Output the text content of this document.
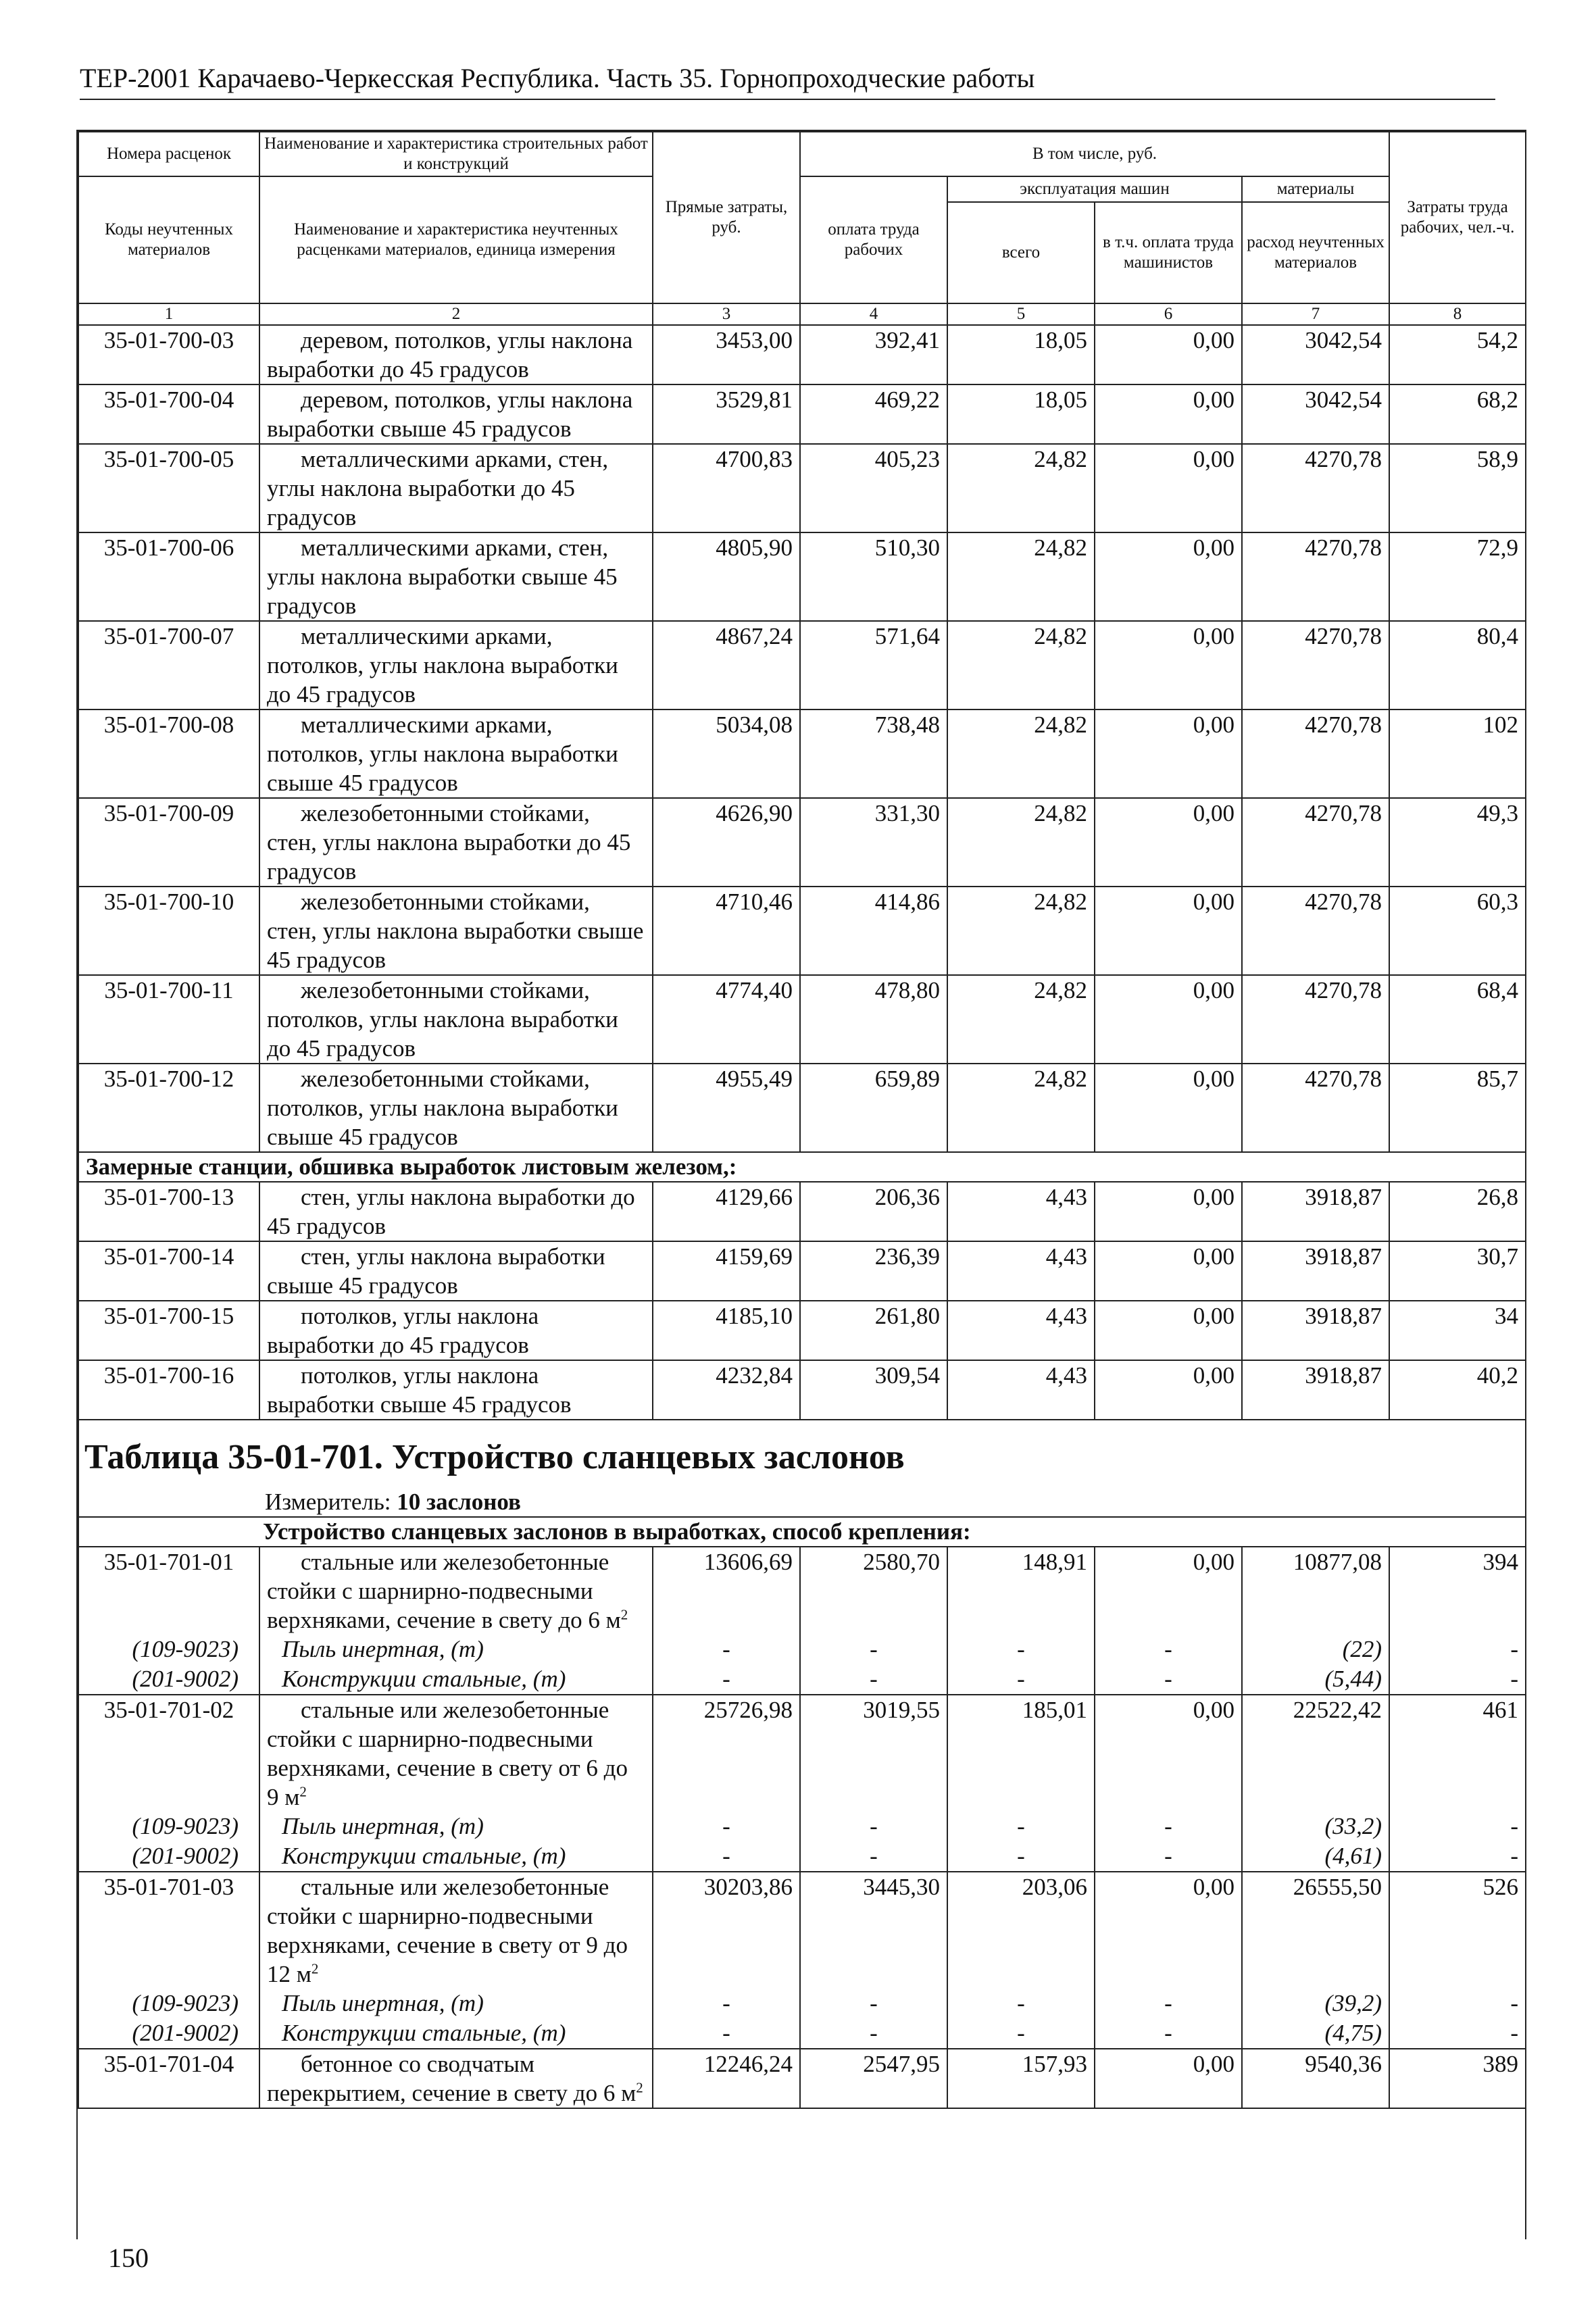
ТЕР-2001 Карачаево-Черкесская Республика. Часть 35. Горнопроходческие работы
Номера расценок	Наименование и характеристика строительных работ и конструкций	Прямые затраты, руб.	В том числе, руб.				Затраты труда рабочих, чел.-ч.
Коды неучтенных материалов	Наименование и характеристика неучтенных расценками материалов, единица измерения		оплата труда рабочих	эксплуатация машин		материалы	
				всего	в т.ч. оплата труда машинистов	расход неучтенных материалов	
1	2	3	4	5	6	7	8
35-01-700-03	деревом, потолков, углы наклона выработки до 45 градусов	3453,00	392,41	18,05	0,00	3042,54	54,2
35-01-700-04	деревом, потолков, углы наклона выработки свыше 45 градусов	3529,81	469,22	18,05	0,00	3042,54	68,2
35-01-700-05	металлическими арками, стен, углы наклона выработки до 45 градусов	4700,83	405,23	24,82	0,00	4270,78	58,9
35-01-700-06	металлическими арками, стен, углы наклона выработки свыше 45 градусов	4805,90	510,30	24,82	0,00	4270,78	72,9
35-01-700-07	металлическими арками, потолков, углы наклона выработки до 45 градусов	4867,24	571,64	24,82	0,00	4270,78	80,4
35-01-700-08	металлическими арками, потолков, углы наклона выработки свыше 45 градусов	5034,08	738,48	24,82	0,00	4270,78	102
35-01-700-09	железобетонными стойками, стен, углы наклона выработки до 45 градусов	4626,90	331,30	24,82	0,00	4270,78	49,3
35-01-700-10	железобетонными стойками, стен, углы наклона выработки свыше 45 градусов	4710,46	414,86	24,82	0,00	4270,78	60,3
35-01-700-11	железобетонными стойками, потолков, углы наклона выработки до 45 градусов	4774,40	478,80	24,82	0,00	4270,78	68,4
35-01-700-12	железобетонными стойками, потолков, углы наклона выработки свыше 45 градусов	4955,49	659,89	24,82	0,00	4270,78	85,7
Замерные станции, обшивка выработок листовым железом,:							
35-01-700-13	стен, углы наклона выработки до 45 градусов	4129,66	206,36	4,43	0,00	3918,87	26,8
35-01-700-14	стен, углы наклона выработки свыше 45 градусов	4159,69	236,39	4,43	0,00	3918,87	30,7
35-01-700-15	потолков, углы наклона выработки до 45 градусов	4185,10	261,80	4,43	0,00	3918,87	34
35-01-700-16	потолков, углы наклона выработки свыше 45 градусов	4232,84	309,54	4,43	0,00	3918,87	40,2
Таблица 35-01-701. Устройство сланцевых заслонов							
	Измеритель: 10 заслонов						
Устройство сланцевых заслонов в выработках, способ крепления:							
35-01-701-01	стальные или железобетонные стойки с шарнирно-подвесными верхняками, сечение в свету до 6 $м^2$	13606,69	2580,70	148,91	0,00	10877,08	394
(109-9023)	Пыль инертная, (т)	-	-	-	-	(22)	-
(201-9002)	Конструкции стальные, (т)	-	-	-	-	(5,44)	-
35-01-701-02	стальные или железобетонные стойки с шарнирно-подвесными верхняками, сечение в свету от 6 до 9 $м^2$	25726,98	3019,55	185,01	0,00	22522,42	461
(109-9023)	Пыль инертная, (т)	-	-	-	-	(33,2)	-
(201-9002)	Конструкции стальные, (т)	-	-	-	-	(4,61)	-
35-01-701-03	стальные или железобетонные стойки с шарнирно-подвесными верхняками, сечение в свету от 9 до 12 $м^2$	30203,86	3445,30	203,06	0,00	26555,50	526
(109-9023)	Пыль инертная, (т)	-	-	-	-	(39,2)	-
(201-9002)	Конструкции стальные, (т)	-	-	-	-	(4,75)	-
35-01-701-04	бетонное со сводчатым перекрытием, сечение в свету до 6 $м^2$	12246,24	2547,95	157,93	0,00	9540,36	389
150
